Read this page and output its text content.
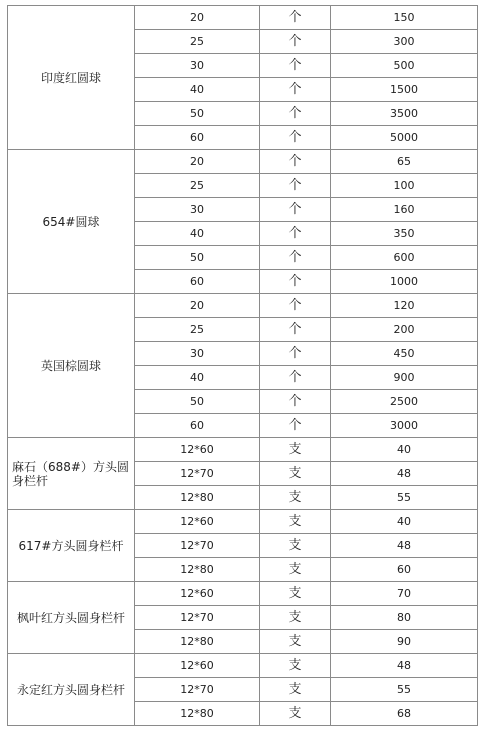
印度红圆球	20	个	150
	25	个	300
	30	个	500
	40	个	1500
	50	个	3500
	60	个	5000
654#圆球	20	个	65
	25	个	100
	30	个	160
	40	个	350
	50	个	600
	60	个	1000
英国棕圆球	20	个	120
	25	个	200
	30	个	450
	40	个	900
	50	个	2500
	60	个	3000
麻石（688#）方头圆身栏杆	12*60	支	40
	12*70	支	48
	12*80	支	55
617#方头圆身栏杆	12*60	支	40
	12*70	支	48
	12*80	支	60
枫叶红方头圆身栏杆	12*60	支	70
	12*70	支	80
	12*80	支	90
永定红方头圆身栏杆	12*60	支	48
	12*70	支	55
	12*80	支	68
